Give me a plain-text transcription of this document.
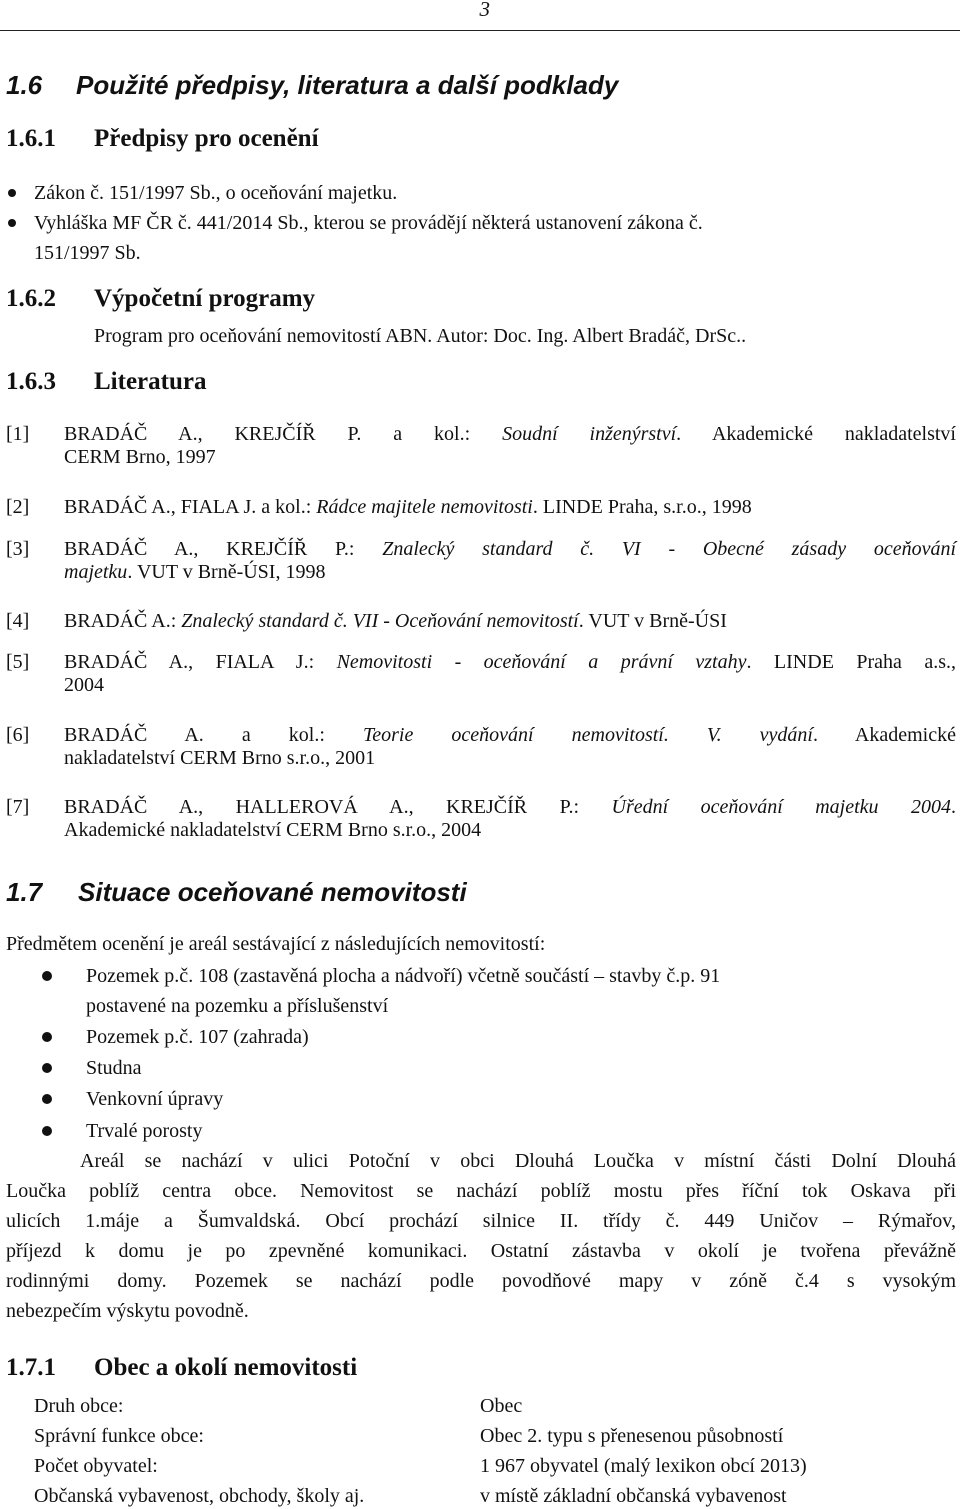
3
1.6 Použité předpisy, literatura a další podklady
1.6.1 Předpisy pro ocenění
Zákon č. 151/1997 Sb., o oceňování majetku.
Vyhláška MF ČR č. 441/2014 Sb., kterou se provádějí některá ustanovení zákona č.
151/1997 Sb.
1.6.2 Výpočetní programy
Program pro oceňování nemovitostí ABN. Autor: Doc. Ing. Albert Bradáč, DrSc..
1.6.3 Literatura
[1] BRADÁČ A., KREJČÍŘ P. a kol.: Soudní inženýrství. Akademické nakladatelství
CERM Brno, 1997
[2] BRADÁČ A., FIALA J. a kol.: Rádce majitele nemovitosti. LINDE Praha, s.r.o., 1998
[3] BRADÁČ A., KREJČÍŘ P.: Znalecký standard č. VI - Obecné zásady oceňování
majetku. VUT v Brně-ÚSI, 1998
[4] BRADÁČ A.: Znalecký standard č. VII - Oceňování nemovitostí. VUT v Brně-ÚSI
[5] BRADÁČ A., FIALA J.: Nemovitosti - oceňování a právní vztahy. LINDE Praha a.s.,
2004
[6] BRADÁČ A. a kol.: Teorie oceňování nemovitostí. V. vydání. Akademické
nakladatelství CERM Brno s.r.o., 2001
[7] BRADÁČ A., HALLEROVÁ A., KREJČÍŘ P.: Úřední oceňování majetku 2004.
Akademické nakladatelství CERM Brno s.r.o., 2004
1.7 Situace oceňované nemovitosti
Předmětem ocenění je areál sestávající z následujících nemovitostí:
Pozemek p.č. 108 (zastavěná plocha a nádvoří) včetně součástí – stavby č.p. 91
postavené na pozemku a příslušenství
Pozemek p.č. 107 (zahrada)
Studna
Venkovní úpravy
Trvalé porosty
Areál se nachází v ulici Potoční v obci Dlouhá Loučka v místní části Dolní Dlouhá
Loučka poblíž centra obce. Nemovitost se nachází poblíž mostu přes říční tok Oskava při
ulicích 1.máje a Šumvaldská. Obcí prochází silnice II. třídy č. 449 Uničov – Rýmařov,
příjezd k domu je po zpevněné komunikaci. Ostatní zástavba v okolí je tvořena převážně
rodinnými domy. Pozemek se nachází podle povodňové mapy v zóně č.4 s vysokým
nebezpečím výskytu povodně.
1.7.1 Obec a okolí nemovitosti
Druh obce:	Obec
Správní funkce obce:	Obec 2. typu s přenesenou působností
Počet obyvatel:	1 967 obyvatel (malý lexikon obcí 2013)
Občanská vybavenost, obchody, školy aj.	v místě základní občanská vybavenost
